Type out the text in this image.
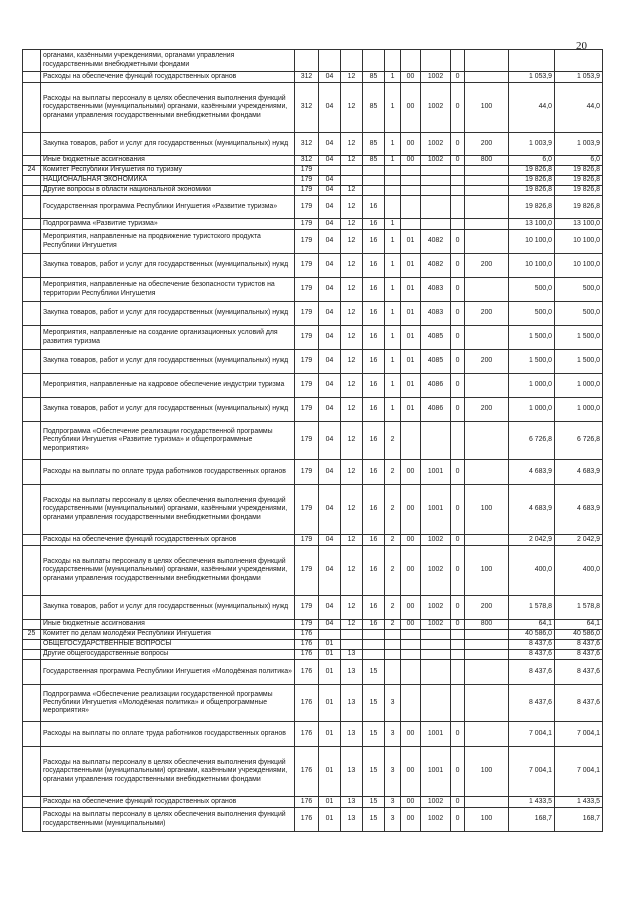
20
	органами, казёнными учреждениями, органами управления государственными внебюджетными фондами											
	Расходы на обеспечение функций государственных органов	312	04	12	85	1	00	1002	0		1 053,9	1 053,9
	Расходы на выплаты персоналу в целях обеспечения выполнения функций государственными (муниципальными) органами, казёнными учреждениями, органами управления государственными внебюджетными фондами	312	04	12	85	1	00	1002	0	100	44,0	44,0
	Закупка товаров, работ и услуг для государственных (муниципальных) нужд	312	04	12	85	1	00	1002	0	200	1 003,9	1 003,9
	Иные бюджетные ассигнования	312	04	12	85	1	00	1002	0	800	6,0	6,0
24	Комитет Республики Ингушетия по туризму	179									19 826,8	19 826,8
	НАЦИОНАЛЬНАЯ ЭКОНОМИКА	179	04								19 826,8	19 826,8
	Другие вопросы в области национальной экономики	179	04	12							19 826,8	19 826,8
	Государственная программа Республики Ингушетия «Развитие туризма»	179	04	12	16						19 826,8	19 826,8
	Подпрограмма «Развитие туризма»	179	04	12	16	1					13 100,0	13 100,0
	Мероприятия, направленные на продвижение туристского продукта Республики Ингушетия	179	04	12	16	1	01	4082	0		10 100,0	10 100,0
	Закупка товаров, работ и услуг для государственных (муниципальных) нужд	179	04	12	16	1	01	4082	0	200	10 100,0	10 100,0
	Мероприятия, направленные на обеспечение безопасности туристов на территории Республики Ингушетия	179	04	12	16	1	01	4083	0		500,0	500,0
	Закупка товаров, работ и услуг для государственных (муниципальных) нужд	179	04	12	16	1	01	4083	0	200	500,0	500,0
	Мероприятия, направленные на создание организационных условий для развития туризма	179	04	12	16	1	01	4085	0		1 500,0	1 500,0
	Закупка товаров, работ и услуг для государственных (муниципальных) нужд	179	04	12	16	1	01	4085	0	200	1 500,0	1 500,0
	Мероприятия, направленные на кадровое обеспечение индустрии туризма	179	04	12	16	1	01	4086	0		1 000,0	1 000,0
	Закупка товаров, работ и услуг для государственных (муниципальных) нужд	179	04	12	16	1	01	4086	0	200	1 000,0	1 000,0
	Подпрограмма «Обеспечение реализации государственной программы Республики Ингушетия «Развитие туризма» и общепрограммные мероприятия»	179	04	12	16	2					6 726,8	6 726,8
	Расходы на выплаты по оплате труда работников государственных органов	179	04	12	16	2	00	1001	0		4 683,9	4 683,9
	Расходы на выплаты персоналу в целях обеспечения выполнения функций государственными (муниципальными) органами, казёнными учреждениями, органами управления государственными внебюджетными фондами	179	04	12	16	2	00	1001	0	100	4 683,9	4 683,9
	Расходы на обеспечение функций государственных органов	179	04	12	16	2	00	1002	0		2 042,9	2 042,9
	Расходы на выплаты персоналу в целях обеспечения выполнения функций государственными (муниципальными) органами, казёнными учреждениями, органами управления государственными внебюджетными фондами	179	04	12	16	2	00	1002	0	100	400,0	400,0
	Закупка товаров, работ и услуг для государственных (муниципальных) нужд	179	04	12	16	2	00	1002	0	200	1 578,8	1 578,8
	Иные бюджетные ассигнования	179	04	12	16	2	00	1002	0	800	64,1	64,1
25	Комитет по делам молодёжи Республики Ингушетия	176									40 586,0	40 586,0
	ОБЩЕГОСУДАРСТВЕННЫЕ ВОПРОСЫ	176	01								8 437,6	8 437,6
	Другие общегосударственные вопросы	176	01	13							8 437,6	8 437,6
	Государственная программа Республики Ингушетия «Молодёжная политика»	176	01	13	15						8 437,6	8 437,6
	Подпрограмма «Обеспечение реализации государственной программы Республики Ингушетия «Молодёжная политика» и общепрограммные мероприятия»	176	01	13	15	3					8 437,6	8 437,6
	Расходы на выплаты по оплате труда работников государственных органов	176	01	13	15	3	00	1001	0		7 004,1	7 004,1
	Расходы на выплаты персоналу в целях обеспечения выполнения функций государственными (муниципальными) органами, казёнными учреждениями, органами управления государственными внебюджетными фондами	176	01	13	15	3	00	1001	0	100	7 004,1	7 004,1
	Расходы на обеспечение функций государственных органов	176	01	13	15	3	00	1002	0		1 433,5	1 433,5
	Расходы на выплаты персоналу в целях обеспечения выполнения функций государственными (муниципальными)	176	01	13	15	3	00	1002	0	100	168,7	168,7
